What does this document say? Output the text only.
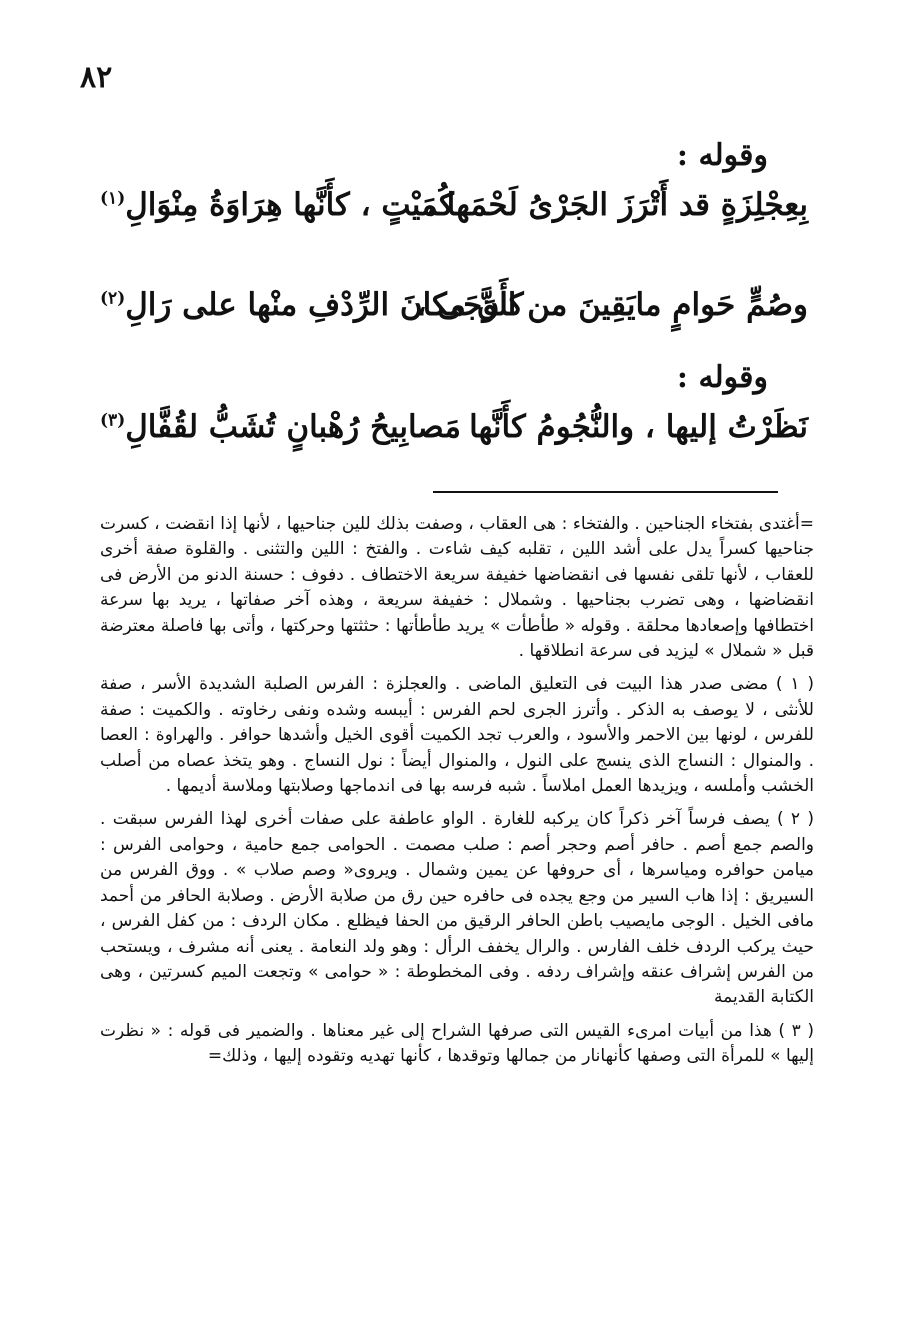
٨٢
وقوله :
بِعِجْلِزَةٍ قد أَتْرَزَ الجَرْىُ لَحْمَها ،
كُمَيْتٍ ، كأَنَّها هِرَاوَةُ مِنْوَالِ$^{(١)}$
وصُمٍّ حَوامٍ مايَقِينَ من الوَجَى ،
كأَنَّ مكانَ الرِّدْفِ منْها على رَالِ$^{(٢)}$
وقوله :
نَظَرْتُ إليها ، والنُّجُومُ كأَنَّها
مَصابِيحُ رُهْبانٍ تُشَبُّ لقُفَّالِ$^{(٣)}$

=أغتدى بفتخاء الجناحين . والفتخاء : هى العقاب ، وصفت بذلك للين جناحيها ، لأنها إذا انقضت ، كسرت جناحيها كسراً يدل على أشد اللين ، تقلبه كيف شاءت . والفتخ : اللين والتثنى . والقلوة صفة أخرى للعقاب ، لأنها تلقى نفسها فى انقضاضها خفيفة سريعة الاختطاف . دفوف : حسنة الدنو من الأرض فى انقضاضها ، وهى تضرب بجناحيها . وشملال : خفيفة سريعة ، وهذه آخر صفاتها ، يريد بها سرعة اختطافها وإصعادها محلقة . وقوله « طأطأت » يريد طأطأتها : حثثتها وحركتها ، وأتى بها فاصلة معترضة قبل « شملال » ليزيد فى سرعة انطلاقها .

( ١ ) مضى صدر هذا البيت فى التعليق الماضى . والعجلزة : الفرس الصلبة الشديدة الأسر ، صفة للأنثى ، لا يوصف به الذكر . وأترز الجرى لحم الفرس : أيبسه وشده ونفى رخاوته . والكميت : صفة للفرس ، لونها بين الاحمر والأسود ، والعرب تجد الكميت أقوى الخيل وأشدها حوافر . والهراوة : العصا . والمنوال : النساج الذى ينسج على النول ، والمنوال أيضاً : نول النساج . وهو يتخذ عصاه من أصلب الخشب وأملسه ، ويزيدها العمل املاساً . شبه فرسه بها فى اندماجها وصلابتها وملاسة أديمها .

( ٢ ) يصف فرساً آخر ذكراً كان يركبه للغارة . الواو عاطفة على صفات أخرى لهذا الفرس سبقت . والصم جمع أصم . حافر أصم وحجر أصم : صلب مصمت . الحوامى جمع حامية ، وحوامى الفرس : ميامن حوافره ومياسرها ، أى حروفها عن يمين وشمال . ويروى« وصم صلاب » . ووق الفرس من السيريق : إذا هاب السير من وجع يجده فى حافره حين رق من صلابة الأرض . وصلابة الحافر من أحمد مافى الخيل . الوجى مايصيب باطن الحافر الرقيق من الحفا فيظلع . مكان الردف : من كفل الفرس ، حيث يركب الردف خلف الفارس . والرال يخفف الرأل : وهو ولد النعامة . يعنى أنه مشرف ، ويستحب من الفرس إشراف عنقه وإشراف ردفه . وفى المخطوطة : « حوامى » وتجعت الميم كسرتين ، وهى الكتابة القديمة

( ٣ ) هذا من أبيات امرىء القيس التى صرفها الشراح إلى غير معناها . والضمير فى قوله : « نظرت إليها » للمرأة التى وصفها كأنهانار من جمالها وتوقدها ، كأنها تهديه وتقوده إليها ، وذلك=
